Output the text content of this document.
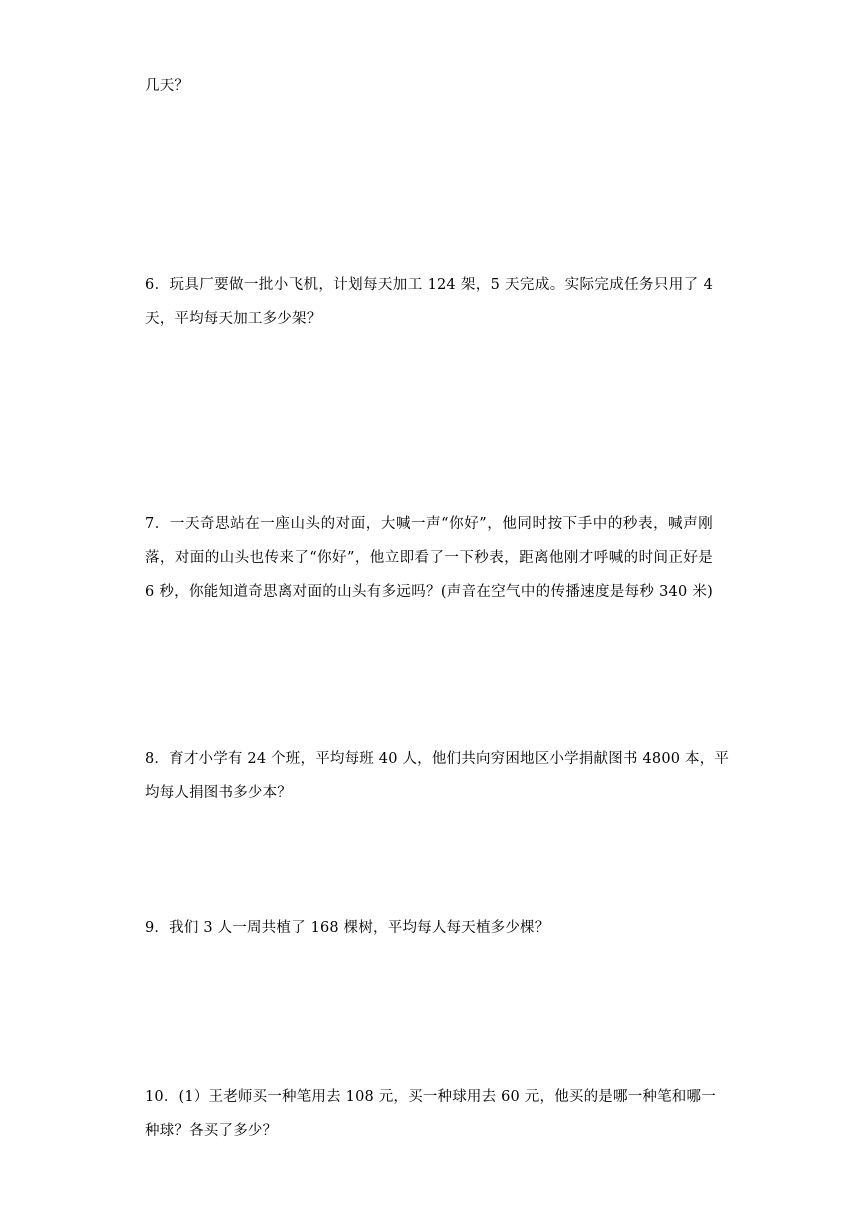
几天？
6．玩具厂要做一批小飞机，计划每天加工 124 架，5 天完成。实际完成任务只用了 4
天，平均每天加工多少架？
7．一天奇思站在一座山头的对面，大喊一声“你好”，他同时按下手中的秒表，喊声刚
落，对面的山头也传来了“你好”，他立即看了一下秒表，距离他刚才呼喊的时间正好是
6 秒，你能知道奇思离对面的山头有多远吗？(声音在空气中的传播速度是每秒 340 米)
8．育才小学有 24 个班，平均每班 40 人，他们共向穷困地区小学捐献图书 4800 本，平
均每人捐图书多少本？
9．我们 3 人一周共植了 168 棵树，平均每人每天植多少棵？
10．(1）王老师买一种笔用去 108 元，买一种球用去 60 元，他买的是哪一种笔和哪一
种球？各买了多少？
